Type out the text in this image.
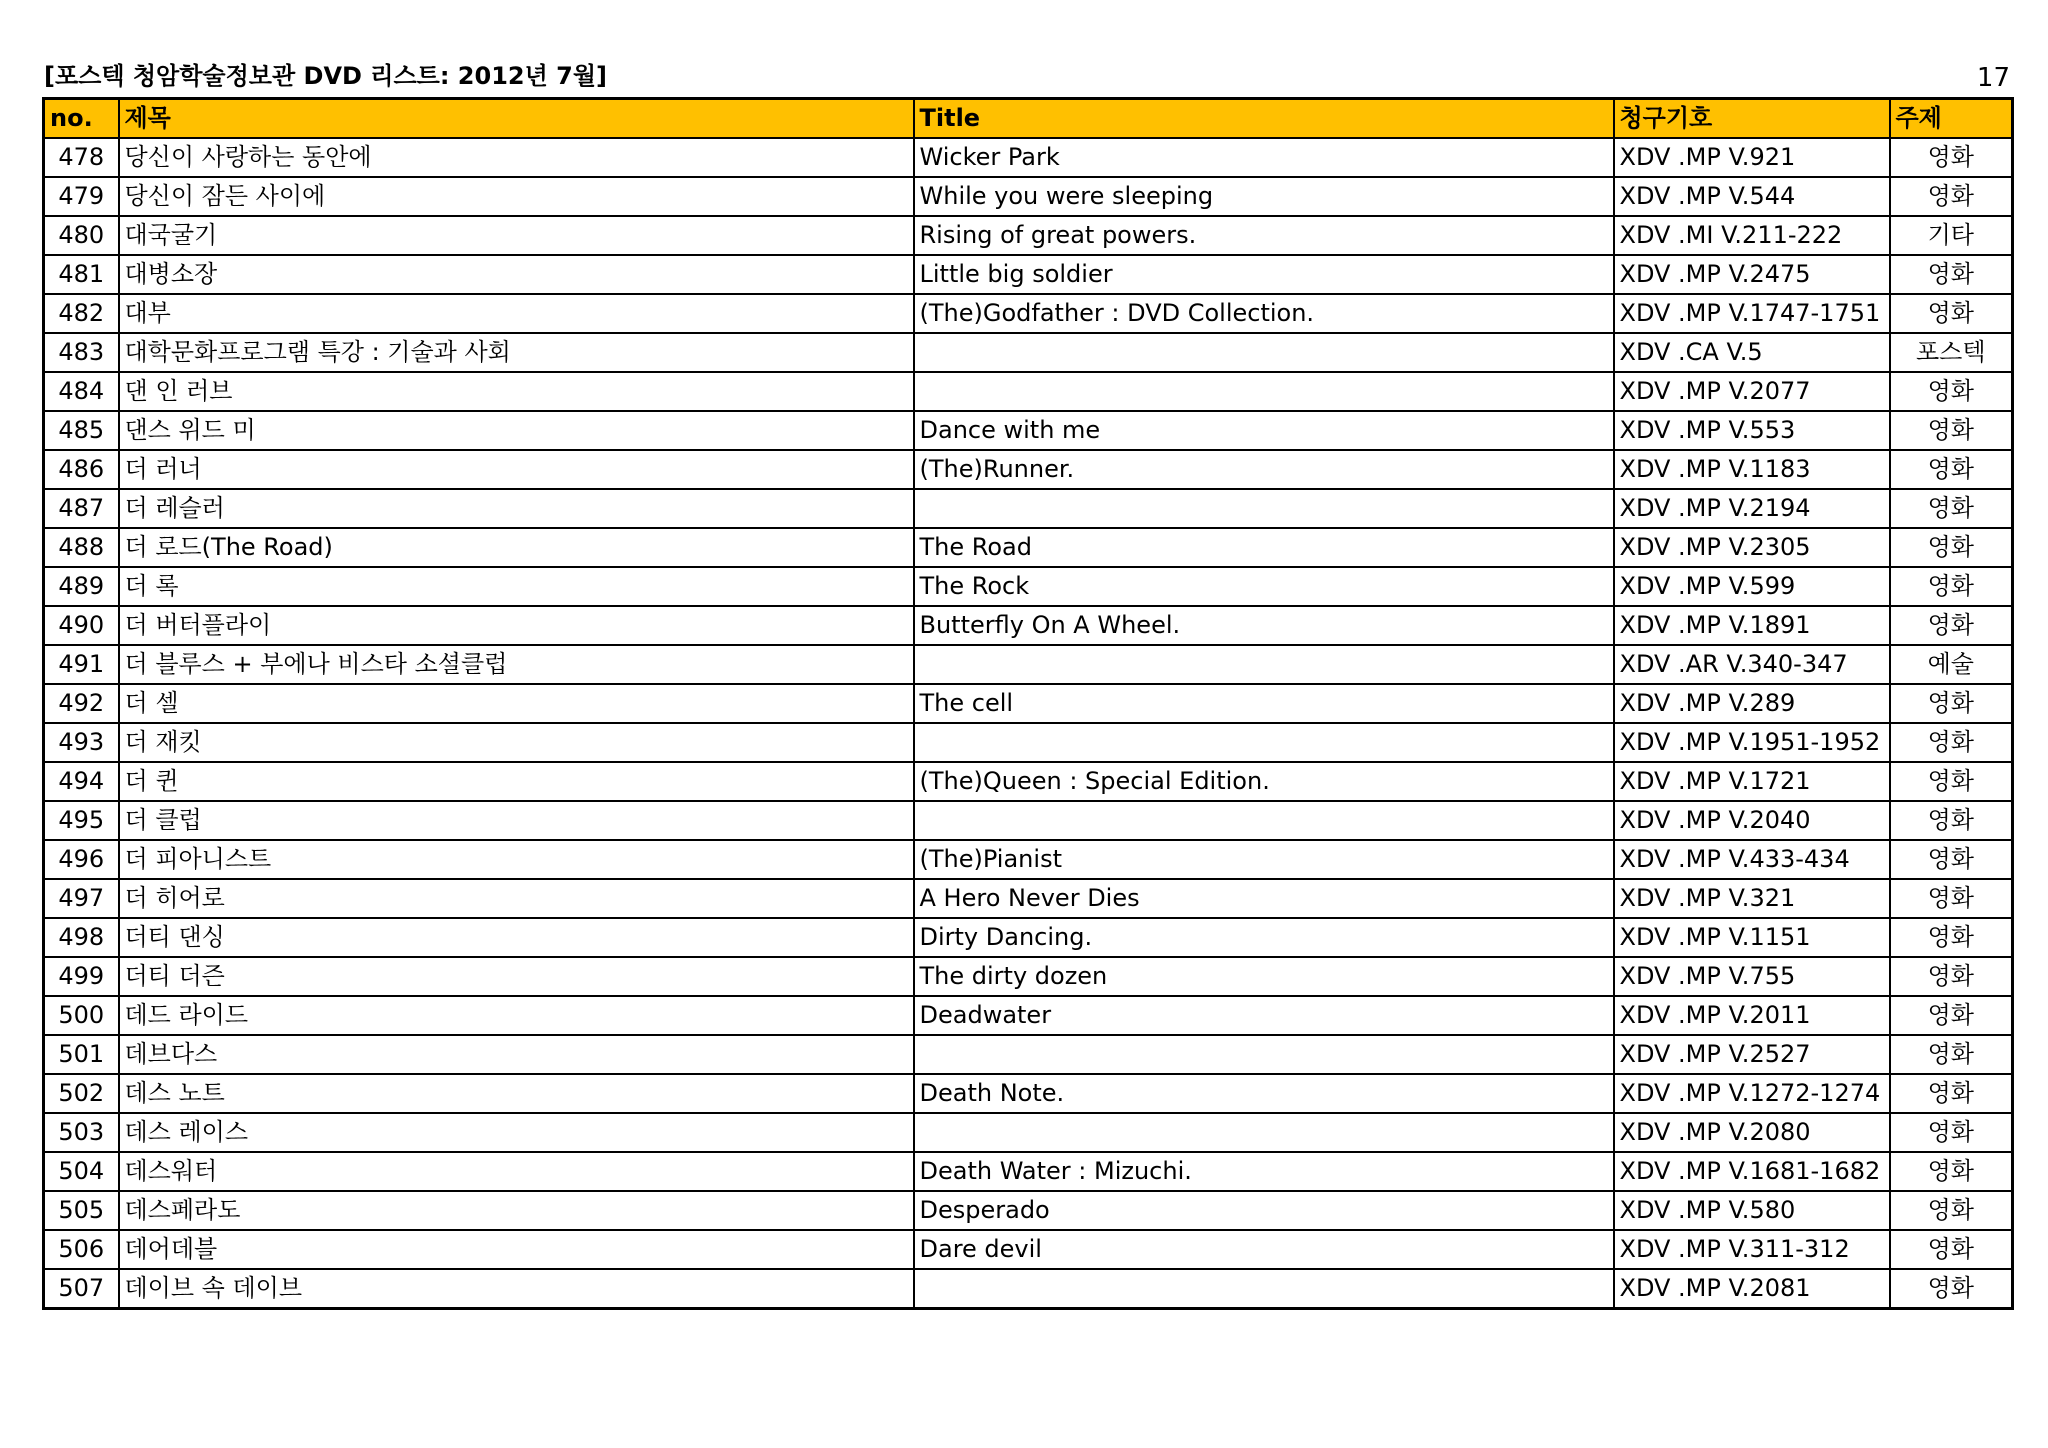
[포스텍 청암학술정보관 DVD 리스트: 2012년 7월]	17
no.	제목	Title	청구기호	주제
478	당신이 사랑하는 동안에	Wicker Park	XDV .MP V.921	영화
479	당신이 잠든 사이에	While you were sleeping	XDV .MP V.544	영화
480	대국굴기	Rising of great powers.	XDV .MI V.211-222	기타
481	대병소장	Little big soldier	XDV .MP V.2475	영화
482	대부	(The)Godfather : DVD Collection.	XDV .MP V.1747-1751	영화
483	대학문화프로그램 특강 : 기술과 사회		XDV .CA V.5	포스텍
484	댄 인 러브		XDV .MP V.2077	영화
485	댄스 위드 미	Dance with me	XDV .MP V.553	영화
486	더 러너	(The)Runner.	XDV .MP V.1183	영화
487	더 레슬러		XDV .MP V.2194	영화
488	더 로드(The Road)	The Road	XDV .MP V.2305	영화
489	더 록	The Rock	XDV .MP V.599	영화
490	더 버터플라이	Butterfly On A Wheel.	XDV .MP V.1891	영화
491	더 블루스 + 부에나 비스타 소셜클럽		XDV .AR V.340-347	예술
492	더 셀	The cell	XDV .MP V.289	영화
493	더 재킷		XDV .MP V.1951-1952	영화
494	더 퀸	(The)Queen : Special Edition.	XDV .MP V.1721	영화
495	더 클럽		XDV .MP V.2040	영화
496	더 피아니스트	(The)Pianist	XDV .MP V.433-434	영화
497	더 히어로	A Hero Never Dies	XDV .MP V.321	영화
498	더티 댄싱	Dirty Dancing.	XDV .MP V.1151	영화
499	더티 더즌	The dirty dozen	XDV .MP V.755	영화
500	데드 라이드	Deadwater	XDV .MP V.2011	영화
501	데브다스		XDV .MP V.2527	영화
502	데스 노트	Death Note.	XDV .MP V.1272-1274	영화
503	데스 레이스		XDV .MP V.2080	영화
504	데스워터	Death Water : Mizuchi.	XDV .MP V.1681-1682	영화
505	데스페라도	Desperado	XDV .MP V.580	영화
506	데어데블	Dare devil	XDV .MP V.311-312	영화
507	데이브 속 데이브		XDV .MP V.2081	영화
